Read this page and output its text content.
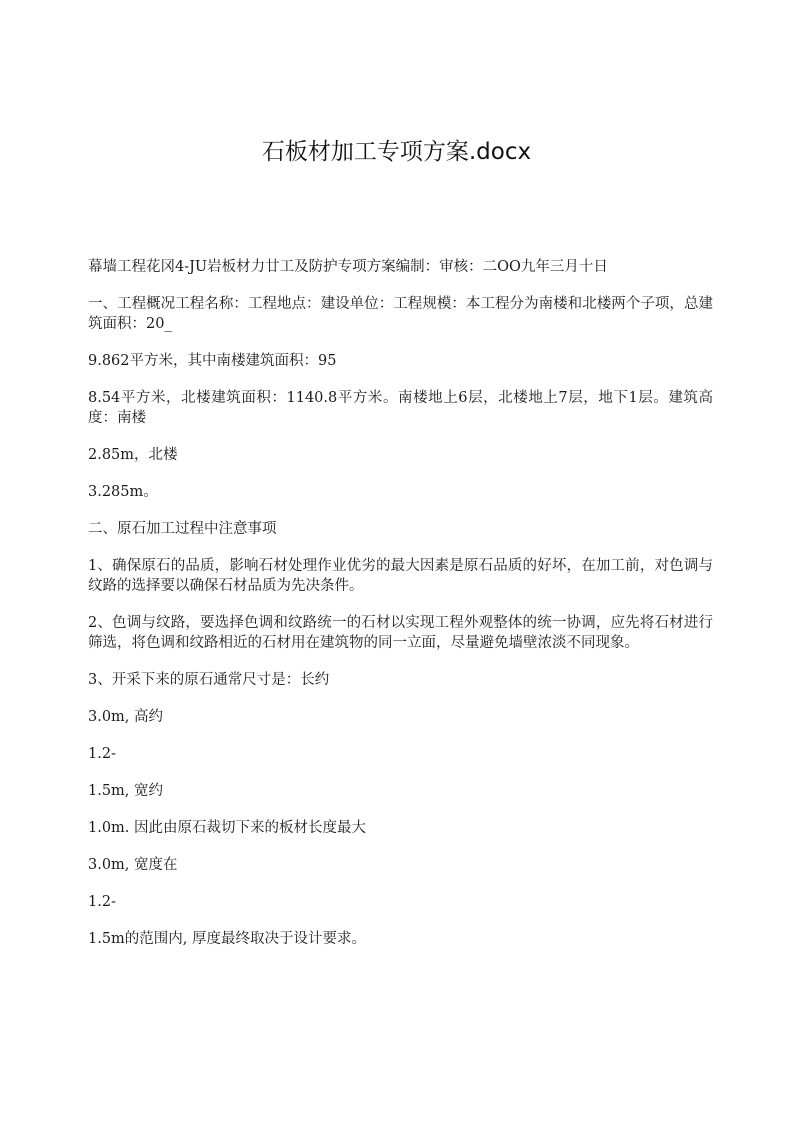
石板材加工专项方案.docx

幕墙工程花冈4-JU岩板材力廿工及防护专项方案编制：审核：二OO九年三月十日

一、工程概况工程名称：工程地点：建设单位：工程规模：本工程分为南楼和北楼两个子项，总建筑面积：20_

9.862平方米，其中南楼建筑面积：95

8.54平方米，北楼建筑面积：1140.8平方米。南楼地上6层，北楼地上7层，地下1层。建筑高度：南楼

2.85m，北楼

3.285m。

二、原石加工过程中注意事项

1、确保原石的品质，影响石材处理作业优劣的最大因素是原石品质的好坏，在加工前，对色调与纹路的选择要以确保石材品质为先决条件。

2、色调与纹路，要选择色调和纹路统一的石材以实现工程外观整体的统一协调，应先将石材进行筛选，将色调和纹路相近的石材用在建筑物的同一立面，尽量避免墙壁浓淡不同现象。

3、开采下来的原石通常尺寸是：长约

3.0m, 高约

1.2-

1.5m, 宽约

1.0m. 因此由原石裁切下来的板材长度最大

3.0m, 宽度在

1.2-

1.5m的范围内, 厚度最终取决于设计要求。
